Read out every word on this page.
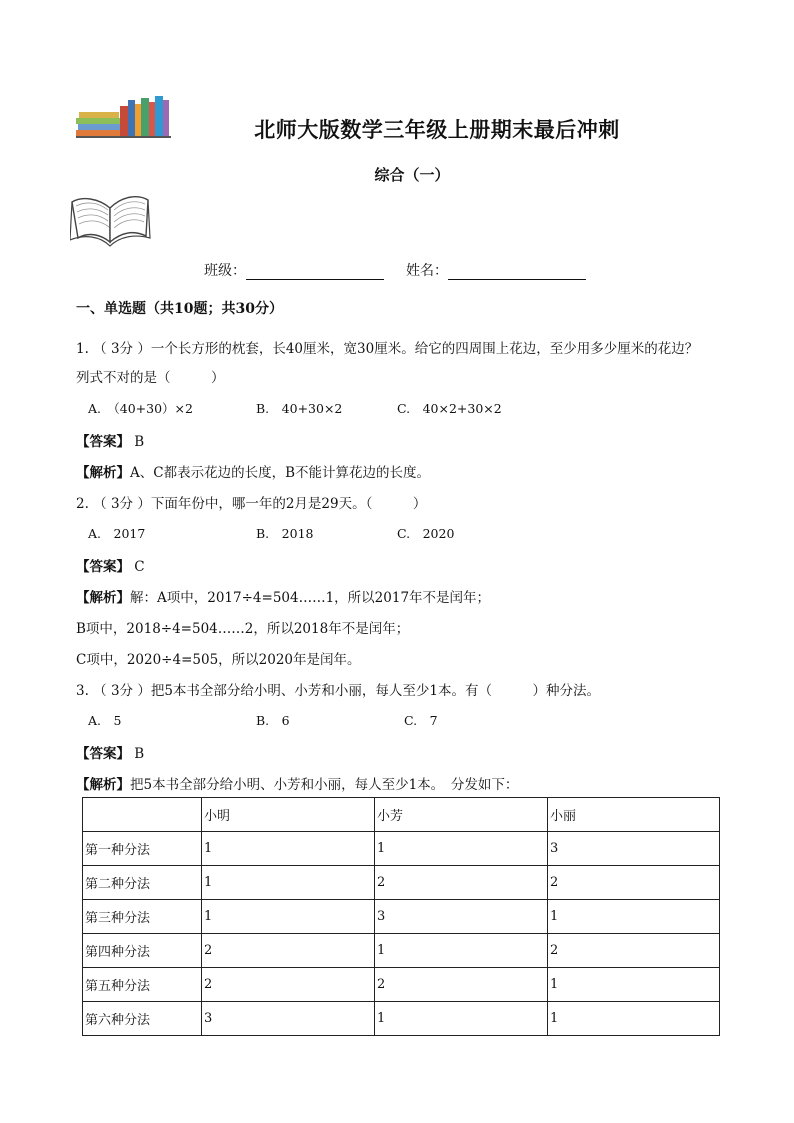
北师大版数学三年级上册期末最后冲刺
综合（一）
班级：	姓名：
一、单选题（共10题；共30分）
1. （ 3分 ）一个长方形的枕套，长40厘米，宽30厘米。给它的四周围上花边，至少用多少厘米的花边？
列式不对的是（　　　）
A.　（40+30）×2	B.　40+30×2	C.　40×2+30×2
【答案】 B
【解析】A、C都表示花边的长度，B不能计算花边的长度。
2. （ 3分 ）下面年份中，哪一年的2月是29天。（　　　）
A.　2017	B.　2018	C.　2020
【答案】 C
【解析】解：A项中，2017÷4=504……1，所以2017年不是闰年；
B项中，2018÷4=504……2，所以2018年不是闰年；
C项中，2020÷4=505，所以2020年是闰年。
3. （ 3分 ）把5本书全部分给小明、小芳和小丽，每人至少1本。有（　　　）种分法。
A.　5	B.　6	C.　7
【答案】 B
【解析】把5本书全部分给小明、小芳和小丽，每人至少1本。　分发如下：
	小明	小芳	小丽
第一种分法	1	1	3
第二种分法	1	2	2
第三种分法	1	3	1
第四种分法	2	1	2
第五种分法	2	2	1
第六种分法	3	1	1
